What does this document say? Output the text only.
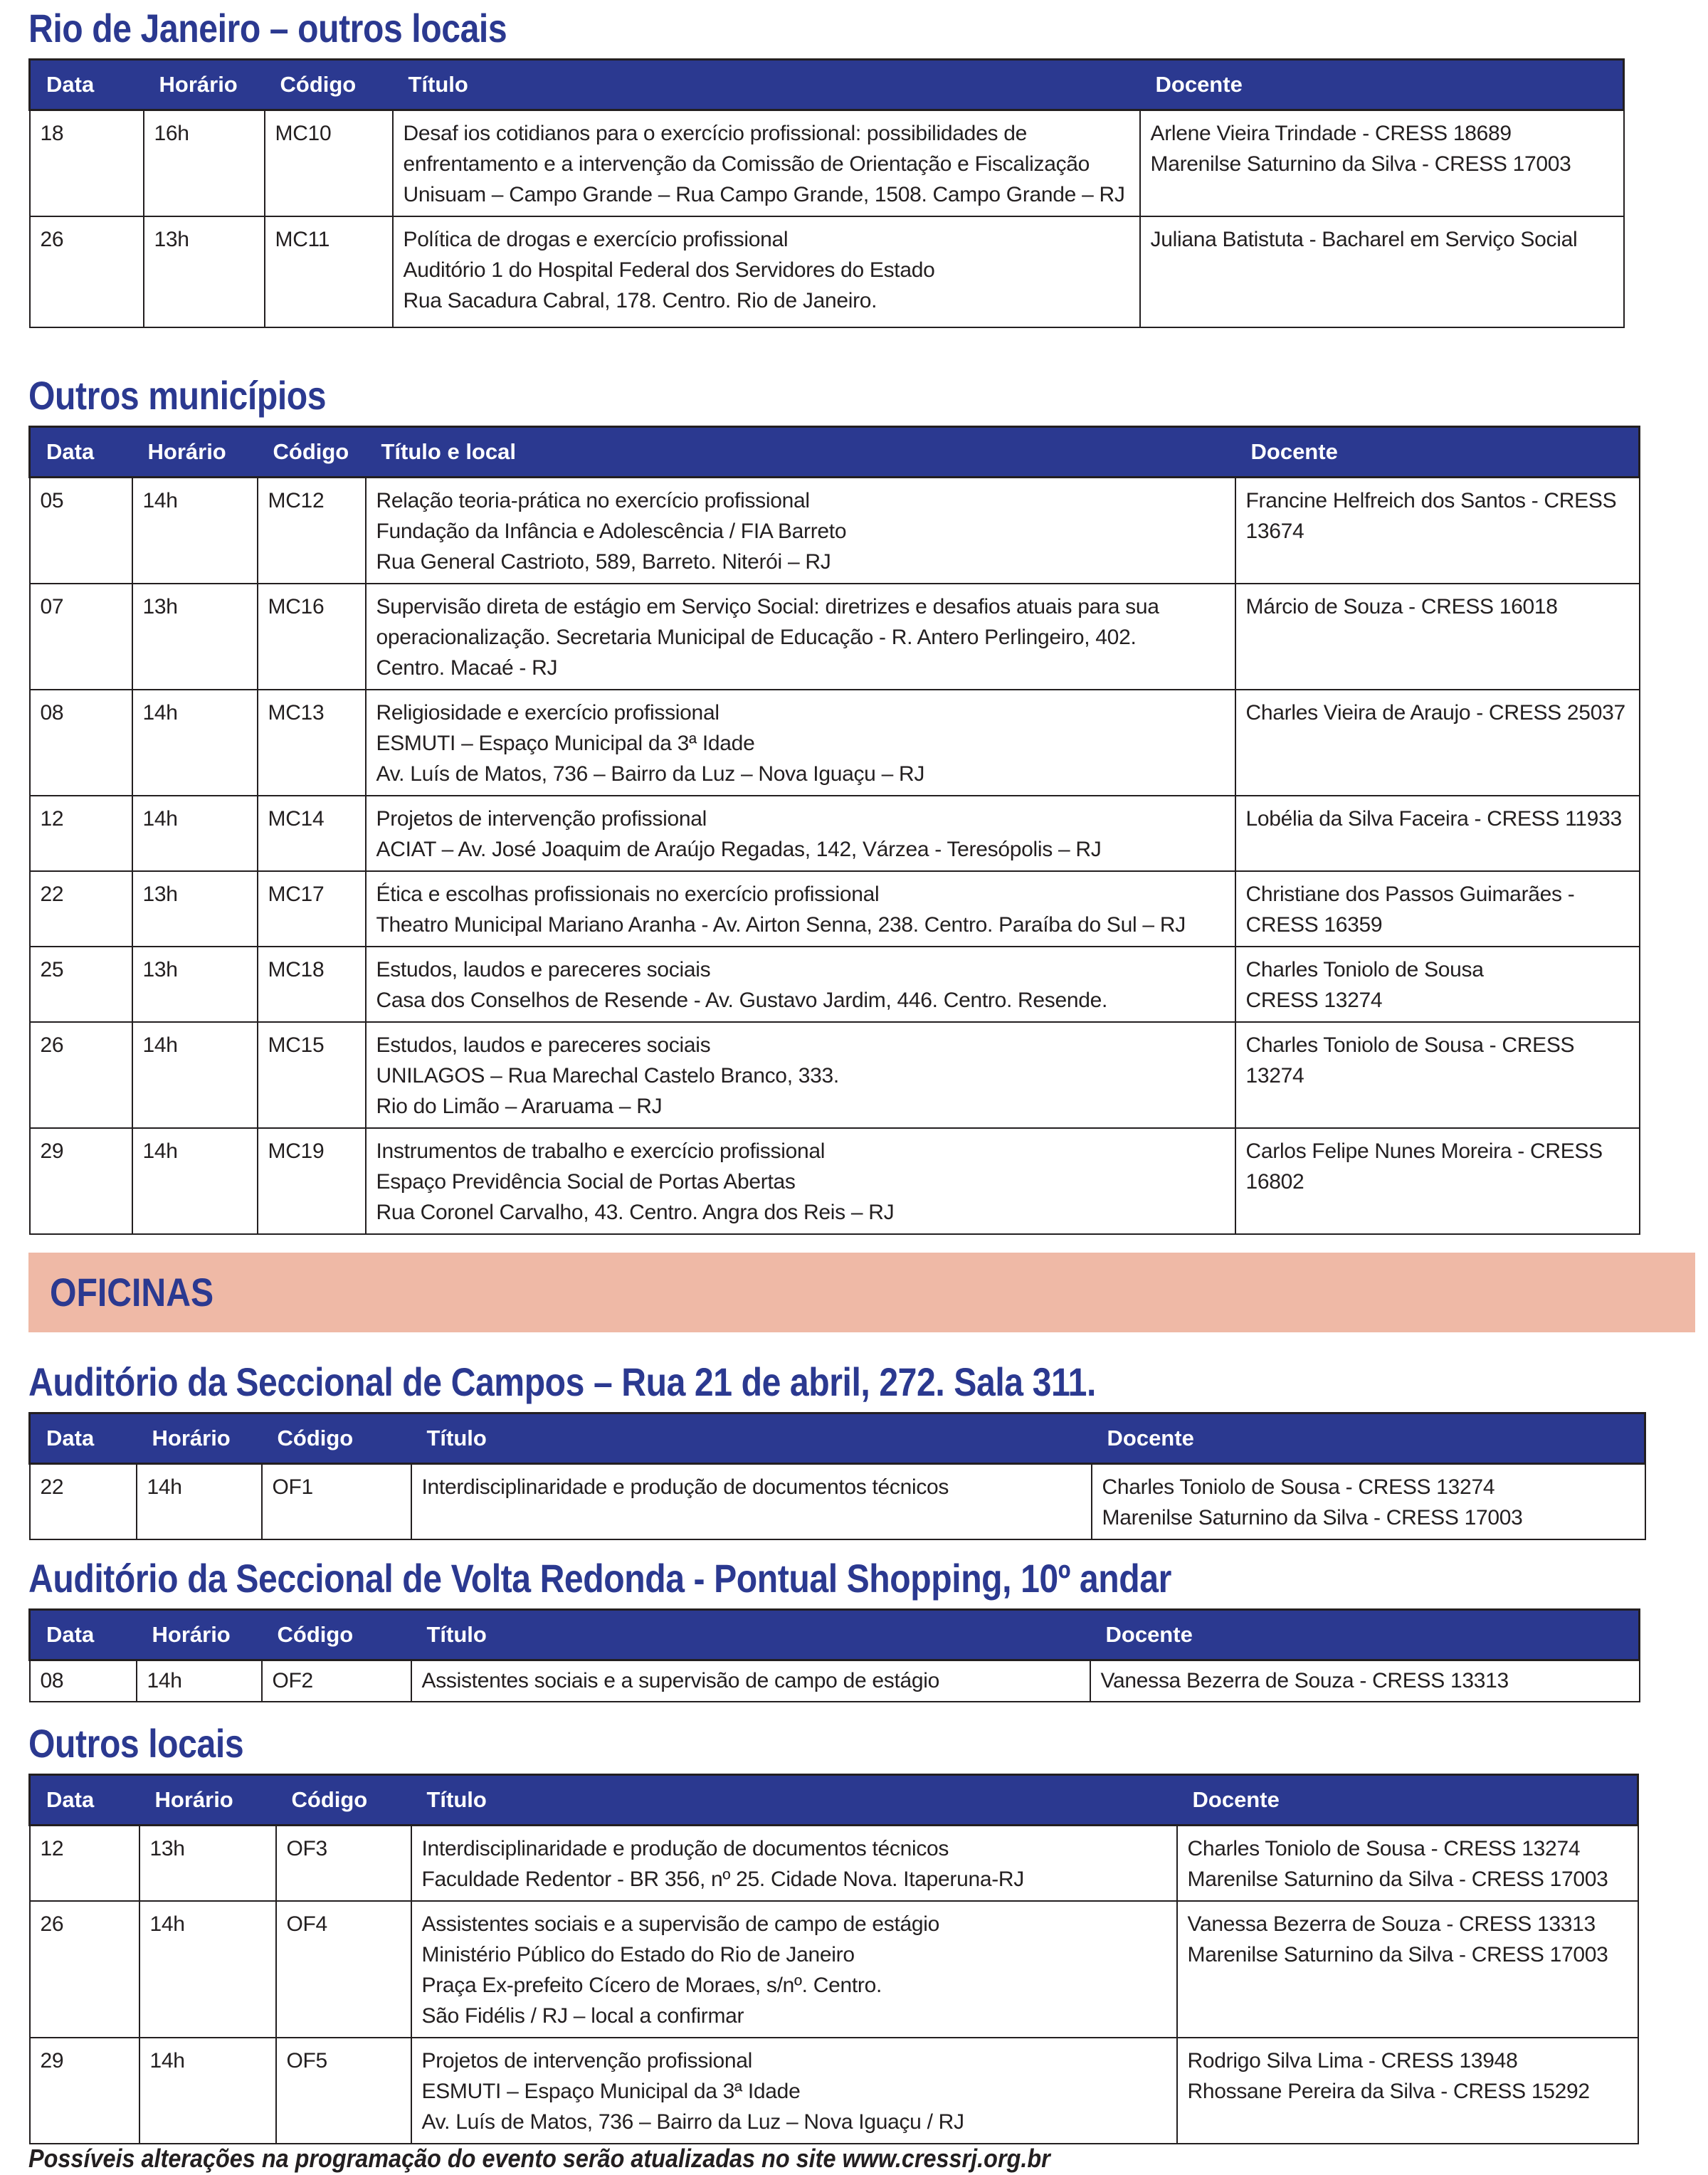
Rio de Janeiro – outros locais
Data	Horário	Código	Título	Docente
18	16h	MC10	Desaf ios cotidianos para o exercício profissional: possibilidades de
enfrentamento e a intervenção da Comissão de Orientação e Fiscalização
Unisuam – Campo Grande – Rua Campo Grande, 1508. Campo Grande – RJ	Arlene Vieira Trindade - CRESS 18689
Marenilse Saturnino da Silva - CRESS 17003
26	13h	MC11	Política de drogas e exercício profissional
Auditório 1 do Hospital Federal dos Servidores do Estado
Rua Sacadura Cabral, 178. Centro. Rio de Janeiro.	Juliana Batistuta - Bacharel em Serviço Social
Outros municípios
Data	Horário	Código	Título e local	Docente
05	14h	MC12	Relação teoria-prática no exercício profissional
Fundação da Infância e Adolescência / FIA Barreto
Rua General Castrioto, 589, Barreto. Niterói – RJ	Francine Helfreich dos Santos - CRESS
13674
07	13h	MC16	Supervisão direta de estágio em Serviço Social: diretrizes e desafios atuais para sua
operacionalização. Secretaria Municipal de Educação - R. Antero Perlingeiro, 402.
Centro. Macaé - RJ	Márcio de Souza - CRESS 16018
08	14h	MC13	Religiosidade e exercício profissional
ESMUTI – Espaço Municipal da 3ª Idade
Av. Luís de Matos, 736 – Bairro da Luz – Nova Iguaçu – RJ	Charles Vieira de Araujo - CRESS 25037
12	14h	MC14	Projetos de intervenção profissional
ACIAT – Av. José Joaquim de Araújo Regadas, 142, Várzea - Teresópolis – RJ	Lobélia da Silva Faceira - CRESS 11933
22	13h	MC17	Ética e escolhas profissionais no exercício profissional
Theatro Municipal Mariano Aranha - Av. Airton Senna, 238. Centro. Paraíba do Sul – RJ	Christiane dos Passos Guimarães -
CRESS 16359
25	13h	MC18	Estudos, laudos e pareceres sociais
Casa dos Conselhos de Resende - Av. Gustavo Jardim, 446. Centro. Resende.	Charles Toniolo de Sousa
CRESS 13274
26	14h	MC15	Estudos, laudos e pareceres sociais
UNILAGOS – Rua Marechal Castelo Branco, 333.
Rio do Limão – Araruama – RJ	Charles Toniolo de Sousa - CRESS 13274
29	14h	MC19	Instrumentos de trabalho e exercício profissional
Espaço Previdência Social de Portas Abertas
Rua Coronel Carvalho, 43. Centro. Angra dos Reis – RJ	Carlos Felipe Nunes Moreira - CRESS
16802
OFICINAS
Auditório da Seccional de Campos – Rua 21 de abril, 272. Sala 311.
Data	Horário	Código	Título	Docente
22	14h	OF1	Interdisciplinaridade e produção de documentos técnicos	Charles Toniolo de Sousa - CRESS 13274
Marenilse Saturnino da Silva - CRESS 17003
Auditório da Seccional de Volta Redonda - Pontual Shopping, 10º andar
Data	Horário	Código	Título	Docente
08	14h	OF2	Assistentes sociais e a supervisão de campo de estágio	Vanessa Bezerra de Souza - CRESS 13313
Outros locais
Data	Horário	Código	Título	Docente
12	13h	OF3	Interdisciplinaridade e produção de documentos técnicos
Faculdade Redentor - BR 356, nº 25. Cidade Nova. Itaperuna-RJ	Charles Toniolo de Sousa - CRESS 13274
Marenilse Saturnino da Silva - CRESS 17003
26	14h	OF4	Assistentes sociais e a supervisão de campo de estágio
Ministério Público do Estado do Rio de Janeiro
Praça Ex-prefeito Cícero de Moraes, s/nº. Centro.
São Fidélis / RJ – local a confirmar	Vanessa Bezerra de Souza - CRESS 13313
Marenilse Saturnino da Silva - CRESS 17003
29	14h	OF5	Projetos de intervenção profissional
ESMUTI – Espaço Municipal da 3ª Idade
Av. Luís de Matos, 736 – Bairro da Luz – Nova Iguaçu / RJ	Rodrigo Silva Lima - CRESS 13948
Rhossane Pereira da Silva - CRESS 15292
Possíveis alterações na programação do evento serão atualizadas no site www.cressrj.org.br
